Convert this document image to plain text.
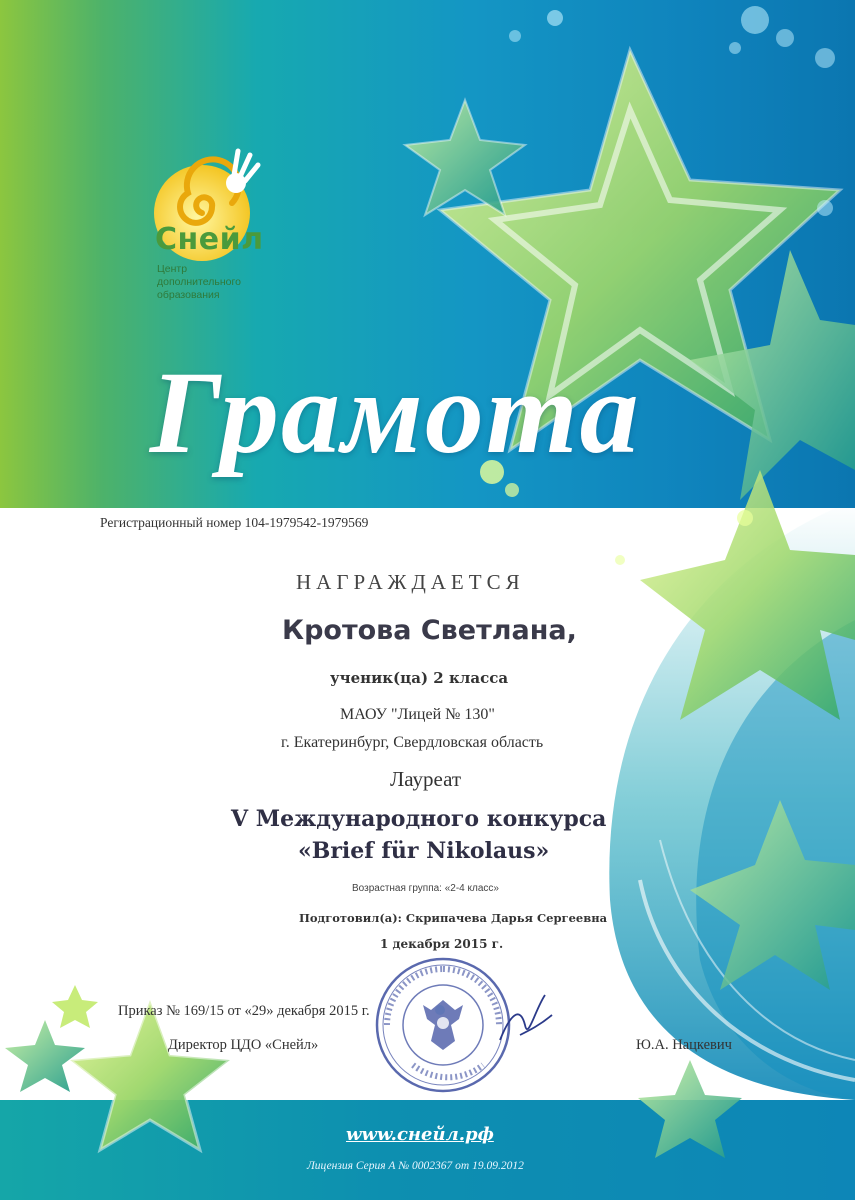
Снейл
Центр
дополнительного
образования
Грамота
Регистрационный номер 104-1979542-1979569
НАГРАЖДАЕТСЯ
Кротова Светлана,
ученик(ца) 2 класса
МАОУ "Лицей № 130"
г. Екатеринбург, Свердловская область
Лауреат
V Международного конкурса
«Brief für Nikolaus»
Возрастная группа: «2-4 класс»
Подготовил(а): Скрипачева Дарья Сергеевна
1 декабря 2015 г.
Приказ № 169/15 от «29» декабря 2015 г.
Директор ЦДО «Снейл»	Ю.А. Нацкевич
www.снейл.рф
Лицензия Серия А № 0002367 от 19.09.2012
